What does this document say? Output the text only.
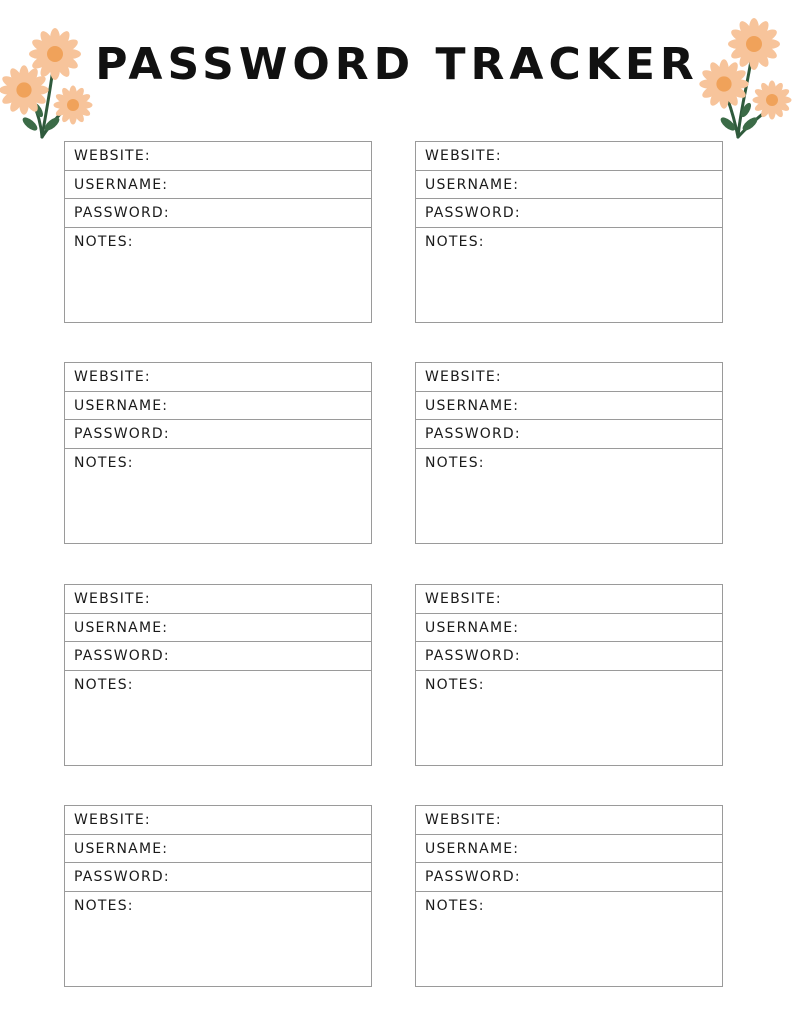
PASSWORD TRACKER
WEBSITE:
USERNAME:
PASSWORD:
NOTES:
WEBSITE:
USERNAME:
PASSWORD:
NOTES:
WEBSITE:
USERNAME:
PASSWORD:
NOTES:
WEBSITE:
USERNAME:
PASSWORD:
NOTES:
WEBSITE:
USERNAME:
PASSWORD:
NOTES:
WEBSITE:
USERNAME:
PASSWORD:
NOTES:
WEBSITE:
USERNAME:
PASSWORD:
NOTES:
WEBSITE:
USERNAME:
PASSWORD:
NOTES:
